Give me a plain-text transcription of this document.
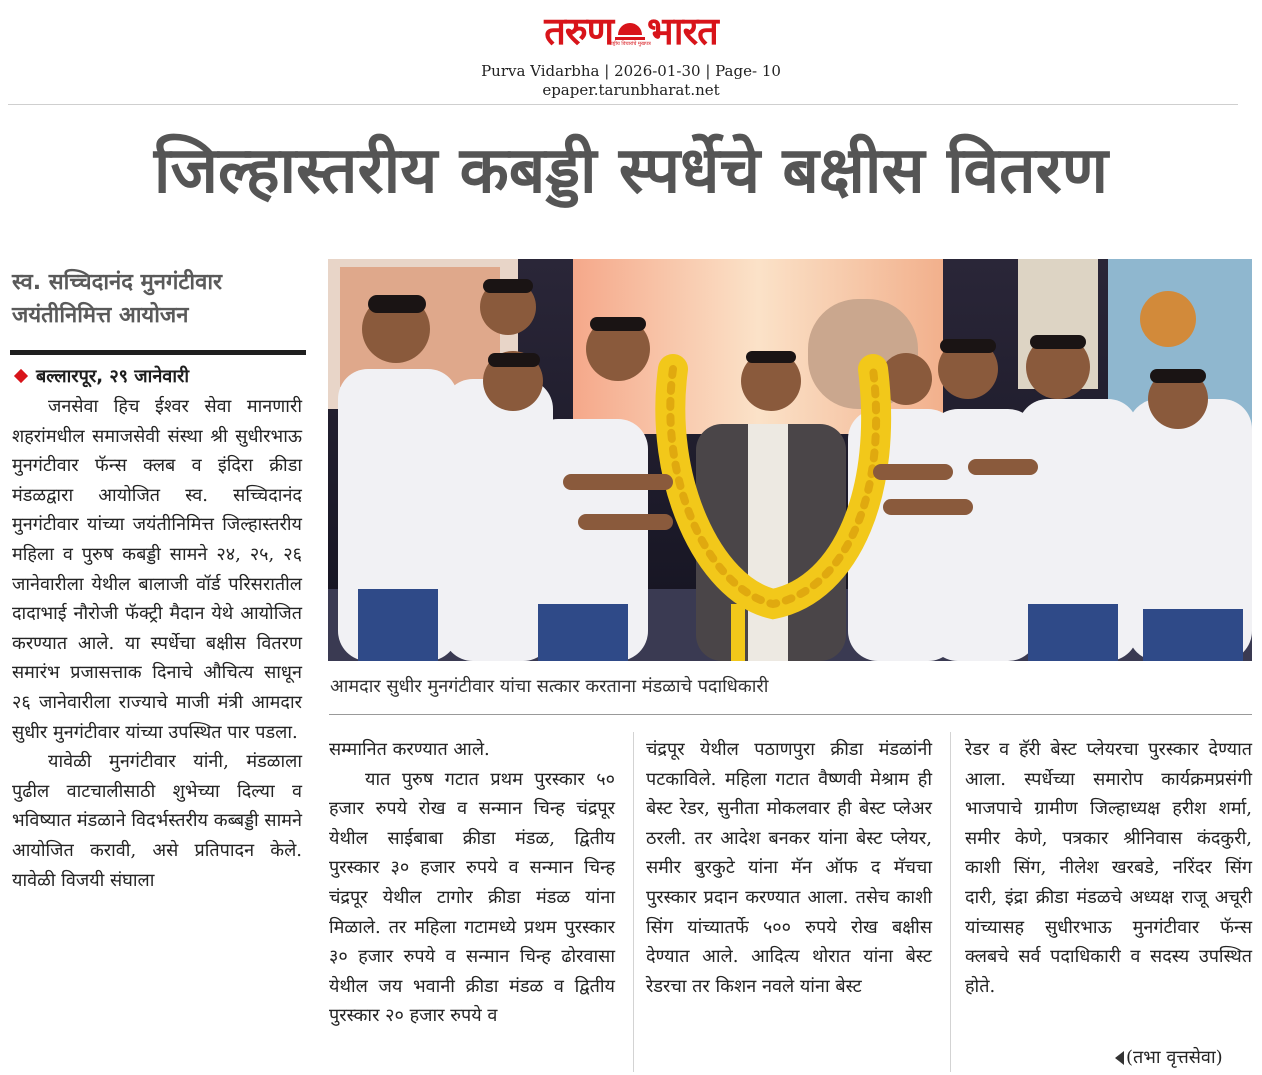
तरुण
राष्ट्रीय विचारांचे मुखपत्र
भारत
Purva Vidarbha | 2026-01-30 | Page- 10
epaper.tarunbharat.net
जिल्हास्तरीय कबड्डी स्पर्धेचे बक्षीस वितरण
स्व. सच्चिदानंद मुनगंटीवार जयंतीनिमित्त आयोजन
बल्लारपूर, २९ जानेवारी

जनसेवा हिच ईश्वर सेवा मानणारी शहरांमधील समाजसेवी संस्था श्री सुधीरभाऊ मुनगंटीवार फॅन्स क्लब व इंदिरा क्रीडा मंडळद्वारा आयोजित स्व. सच्चिदानंद मुनगंटीवार यांच्या जयंतीनिमित्त जिल्हास्तरीय महिला व पुरुष कबड्डी सामने २४, २५, २६ जानेवारीला येथील बालाजी वॉर्ड परिसरातील दादाभाई नौरोजी फॅक्ट्री मैदान येथे आयोजित करण्यात आले. या स्पर्धेचा बक्षीस वितरण समारंभ प्रजासत्ताक दिनाचे औचित्य साधून २६ जानेवारीला राज्याचे माजी मंत्री आमदार सुधीर मुनगंटीवार यांच्या उपस्थित पार पडला.

यावेळी मुनगंटीवार यांनी, मंडळाला पुढील वाटचालीसाठी शुभेच्या दिल्या व भविष्यात मंडळाने विदर्भस्तरीय कब्बड्डी सामने आयोजित करावी, असे प्रतिपादन केले. यावेळी विजयी संघाला

आमदार सुधीर मुनगंटीवार यांचा सत्कार करताना मंडळाचे पदाधिकारी

सम्मानित करण्यात आले.

यात पुरुष गटात प्रथम पुरस्कार ५० हजार रुपये रोख व सन्मान चिन्ह चंद्रपूर येथील साईबाबा क्रीडा मंडळ, द्वितीय पुरस्कार ३० हजार रुपये व सन्मान चिन्ह चंद्रपूर येथील टागोर क्रीडा मंडळ यांना मिळाले. तर महिला गटामध्ये प्रथम पुरस्कार ३० हजार रुपये व सन्मान चिन्ह ढोरवासा येथील जय भवानी क्रीडा मंडळ व द्वितीय पुरस्कार २० हजार रुपये व

चंद्रपूर येथील पठाणपुरा क्रीडा मंडळांनी पटकाविले. महिला गटात वैष्णवी मेश्राम ही बेस्ट रेडर, सुनीता मोकलवार ही बेस्ट प्लेअर ठरली. तर आदेश बनकर यांना बेस्ट प्लेयर, समीर बुरकुटे यांना मॅन ऑफ द मॅचचा पुरस्कार प्रदान करण्यात आला. तसेच काशी सिंग यांच्यातर्फे ५०० रुपये रोख बक्षीस देण्यात आले. आदित्य थोरात यांना बेस्ट रेडरचा तर किशन नवले यांना बेस्ट

रेडर व हॅरी बेस्ट प्लेयरचा पुरस्कार देण्यात आला. स्पर्धेच्या समारोप कार्यक्रमप्रसंगी भाजपाचे ग्रामीण जिल्हाध्यक्ष हरीश शर्मा, समीर केणे, पत्रकार श्रीनिवास कंदकुरी, काशी सिंग, नीलेश खरबडे, नरिंदर सिंग दारी, इंद्रा क्रीडा मंडळचे अध्यक्ष राजू अचूरी यांच्यासह सुधीरभाऊ मुनगंटीवार फॅन्स क्लबचे सर्व पदाधिकारी व सदस्य उपस्थित होते.

(तभा वृत्तसेवा)
